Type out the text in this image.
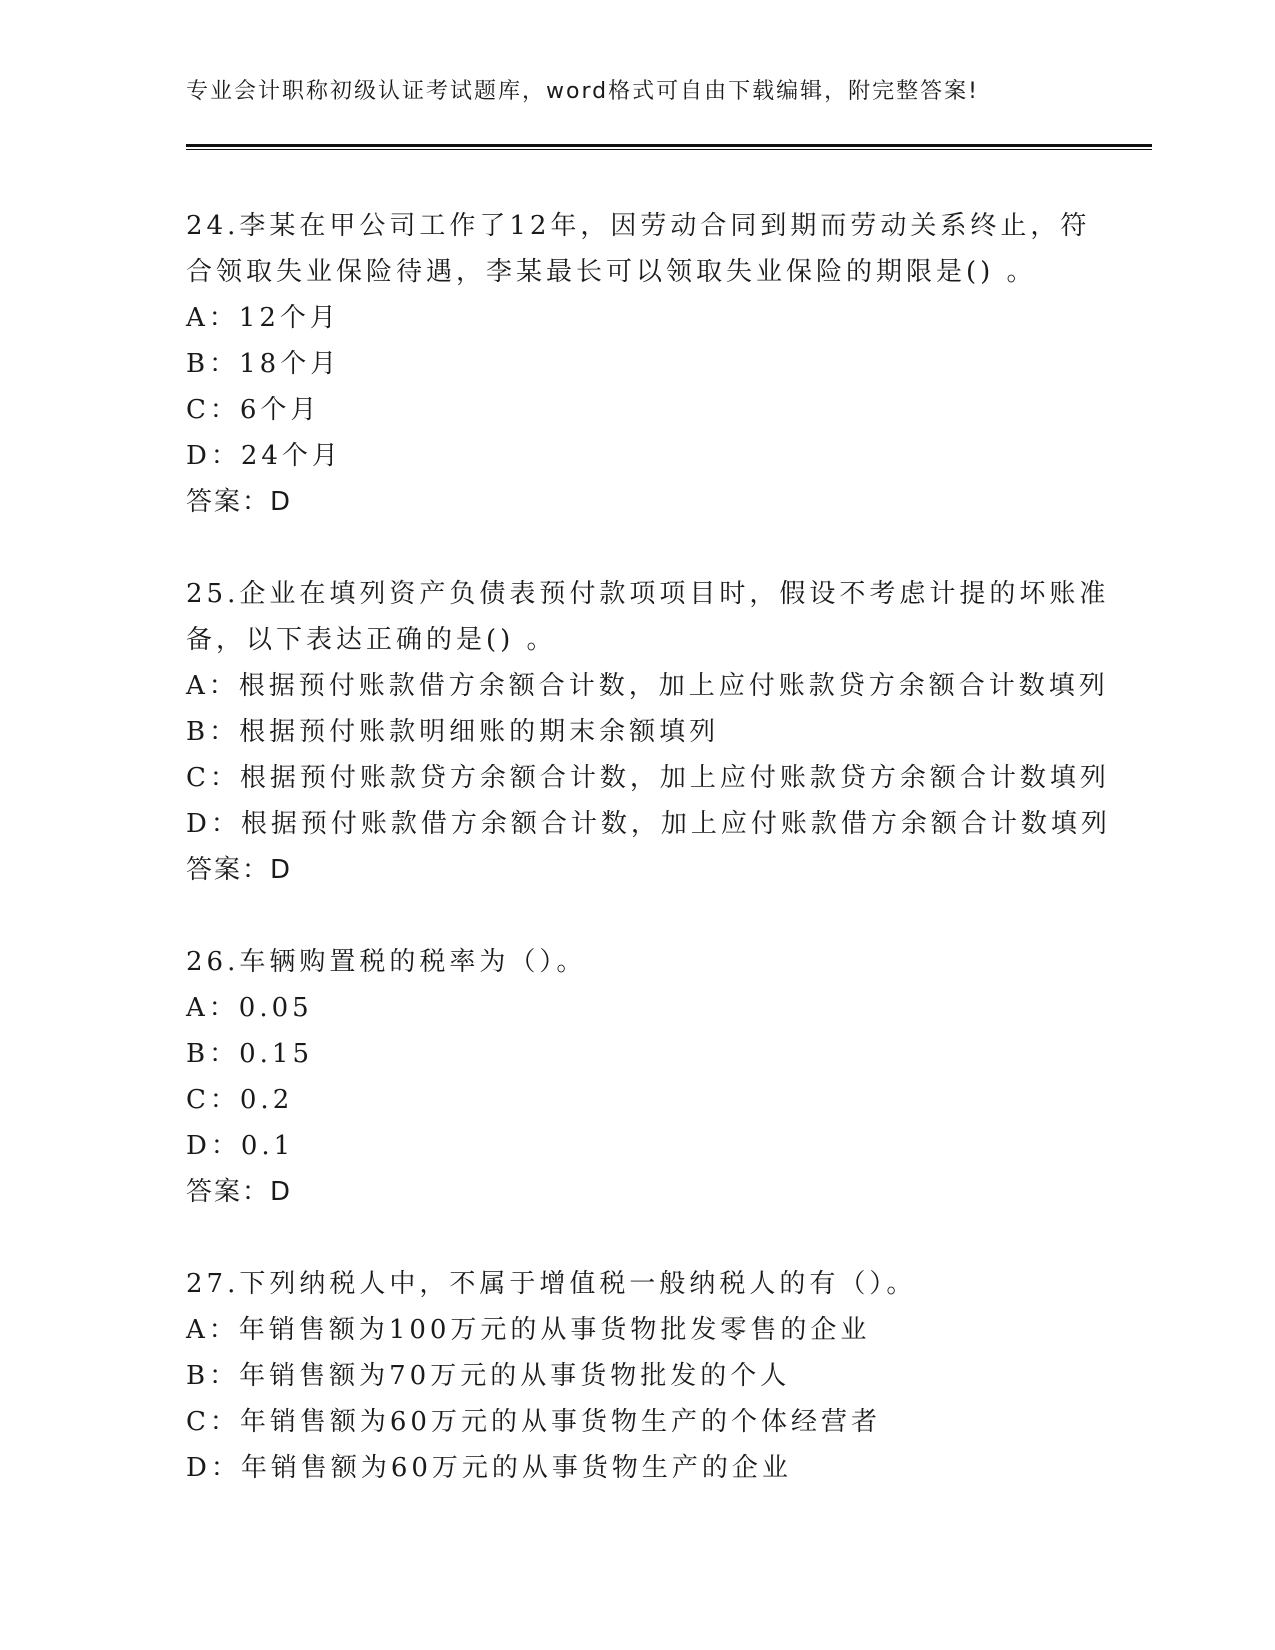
专业会计职称初级认证考试题库，word格式可自由下载编辑，附完整答案!
24.李某在甲公司工作了12年，因劳动合同到期而劳动关系终止，符
合领取失业保险待遇，李某最长可以领取失业保险的期限是() 。
A：12个月
B：18个月
C：6个月
D：24个月
答案：D
25.企业在填列资产负债表预付款项项目时，假设不考虑计提的坏账准
备，以下表达正确的是() 。
A：根据预付账款借方余额合计数，加上应付账款贷方余额合计数填列
B：根据预付账款明细账的期末余额填列
C：根据预付账款贷方余额合计数，加上应付账款贷方余额合计数填列
D：根据预付账款借方余额合计数，加上应付账款借方余额合计数填列
答案：D
26.车辆购置税的税率为（）。
A：0.05
B：0.15
C：0.2
D：0.1
答案：D
27.下列纳税人中，不属于增值税一般纳税人的有（）。
A：年销售额为100万元的从事货物批发零售的企业
B：年销售额为70万元的从事货物批发的个人
C：年销售额为60万元的从事货物生产的个体经营者
D：年销售额为60万元的从事货物生产的企业
